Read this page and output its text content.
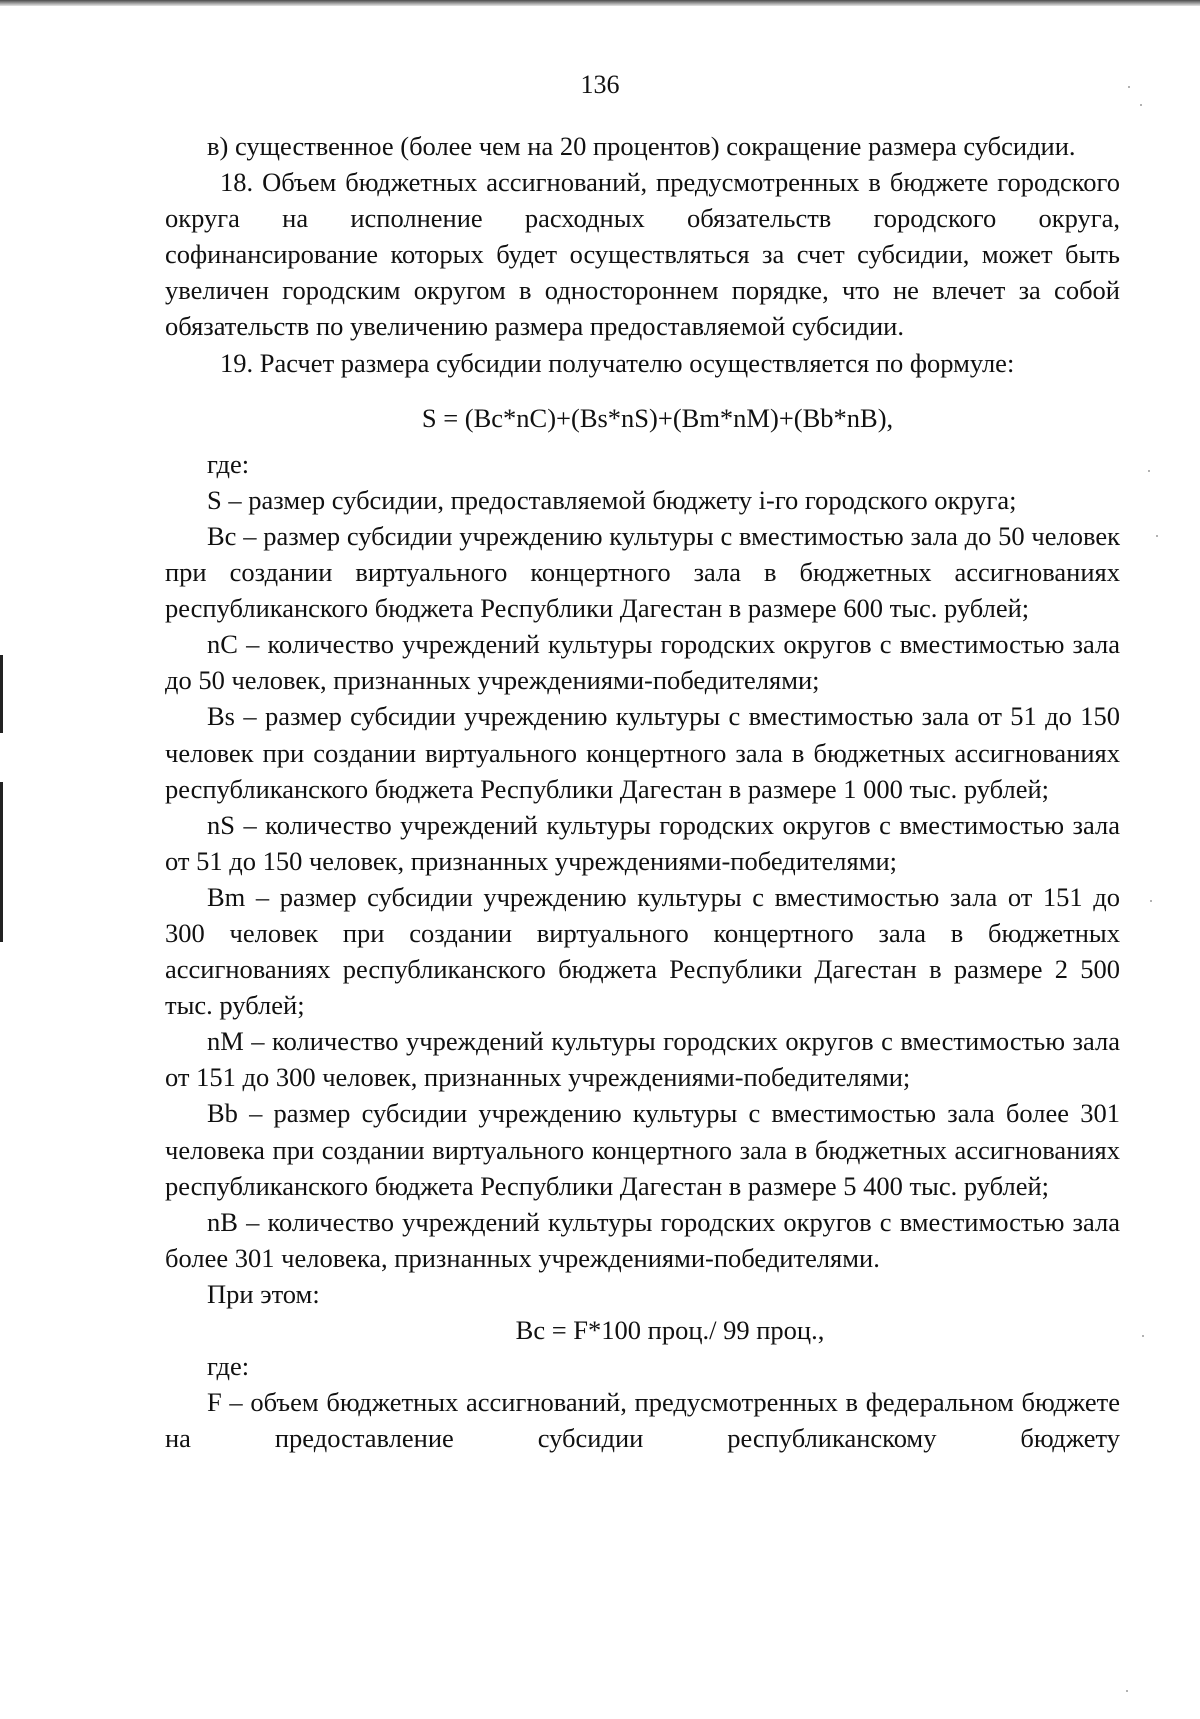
136

в) существенное (более чем на 20 процентов) сокращение размера субсидии.

18. Объем бюджетных ассигнований, предусмотренных в бюджете городского округа на исполнение расходных обязательств городского округа, софинансирование которых будет осуществляться за счет субсидии, может быть увеличен городским округом в одностороннем порядке, что не влечет за собой обязательств по увеличению размера предоставляемой субсидии.

19. Расчет размера субсидии получателю осуществляется по формуле:

S = (Bc*nC)+(Bs*nS)+(Bm*nM)+(Bb*nB),

где:

S – размер субсидии, предоставляемой бюджету i-го городского округа;

Bc – размер субсидии учреждению культуры с вместимостью зала до 50 человек при создании виртуального концертного зала в бюджетных ассигнованиях республиканского бюджета Республики Дагестан в размере 600 тыс. рублей;

nC – количество учреждений культуры городских округов с вместимостью зала до 50 человек, признанных учреждениями-победителями;

Bs – размер субсидии учреждению культуры с вместимостью зала от 51 до 150 человек при создании виртуального концертного зала в бюджетных ассигнованиях республиканского бюджета Республики Дагестан в размере 1 000 тыс. рублей;

nS – количество учреждений культуры городских округов с вместимостью зала от 51 до 150 человек, признанных учреждениями-победителями;

Bm – размер субсидии учреждению культуры с вместимостью зала от 151 до 300 человек при создании виртуального концертного зала в бюджетных ассигнованиях республиканского бюджета Республики Дагестан в размере 2 500 тыс. рублей;

nM – количество учреждений культуры городских округов с вместимостью зала от 151 до 300 человек, признанных учреждениями-победителями;

Bb – размер субсидии учреждению культуры с вместимостью зала более 301 человека при создании виртуального концертного зала в бюджетных ассигнованиях республиканского бюджета Республики Дагестан в размере 5 400 тыс. рублей;

nB – количество учреждений культуры городских округов с вместимостью зала более 301 человека, признанных учреждениями-победителями.

При этом:

Bc = F*100 проц./ 99 проц.,

где:

F – объем бюджетных ассигнований, предусмотренных в федеральном бюджете на предоставление субсидии республиканскому бюджету
